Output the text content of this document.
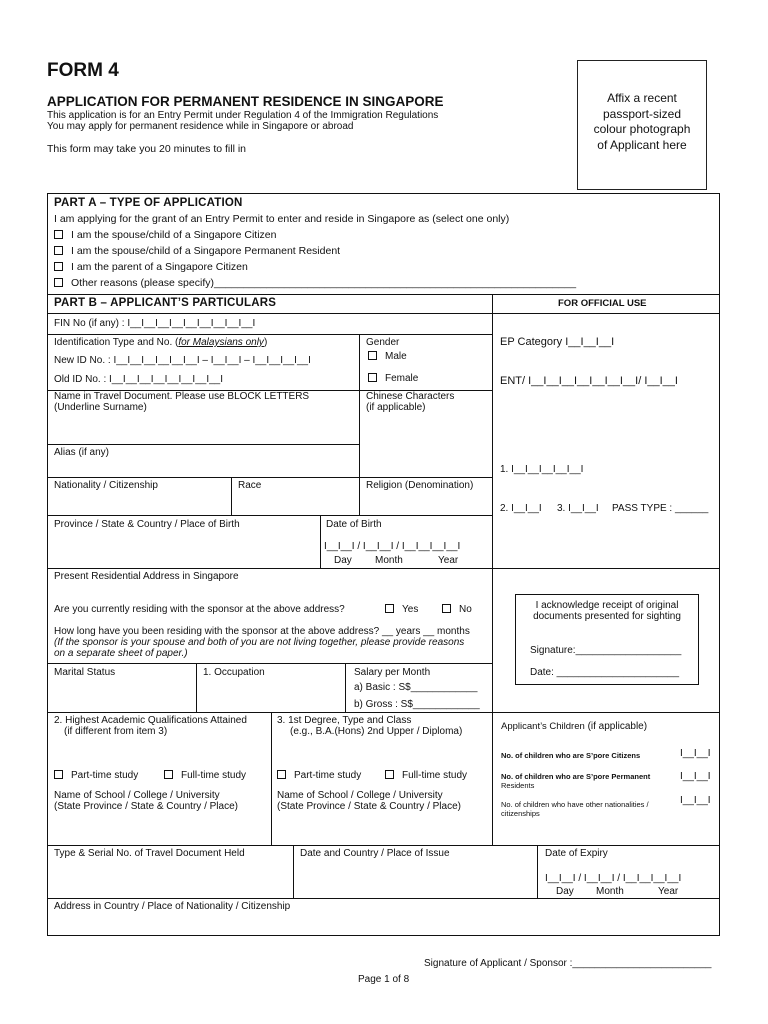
FORM 4
APPLICATION FOR PERMANENT RESIDENCE IN SINGAPORE
This application is for an Entry Permit under Regulation 4 of the Immigration Regulations
You may apply for permanent residence while in Singapore or abroad
This form may take you 20 minutes to fill in
Affix a recent
passport-sized
colour photograph
of Applicant here
PART A – TYPE OF APPLICATION
I am applying for the grant of an Entry Permit to enter and reside in Singapore as (select one only)
I am the spouse/child of a Singapore Citizen
I am the spouse/child of a Singapore Permanent Resident
I am the parent of a Singapore Citizen
Other reasons (please specify)______________________________________________________________
PART B – APPLICANT’S PARTICULARS	FOR OFFICIAL USE
FIN No (if any) : I__I__I__I__I__I__I__I__I__I
Identification Type and No. (for Malaysians only)
New ID No. : I__I__I__I__I__I__I – I__I__I – I__I__I__I__I
Old ID No. : I__I__I__I__I__I__I__I__I
Gender
Male
Female
Name in Travel Document. Please use BLOCK LETTERS
(Underline Surname)
Chinese Characters
(if applicable)
Alias (if any)
Nationality / Citizenship	Race	Religion (Denomination)
Province / State & Country / Place of Birth	Date of Birth
I__I__I / I__I__I / I__I__I__I__I
Day Month	Year
Present Residential Address in Singapore
Are you currently residing with the sponsor at the above address?	Yes	No
How long have you been residing with the sponsor at the above address? __ years __ months
(If the sponsor is your spouse and both of you are not living together, please provide reasons
on a separate sheet of paper.)
Marital Status	1. Occupation	Salary per Month
a) Basic : S$____________
b) Gross : S$____________
2. Highest Academic Qualifications Attained
(if different from item 3)
3. 1st Degree, Type and Class
(e.g., B.A.(Hons) 2nd Upper / Diploma)
Part-time study	Full-time study	Part-time study	Full-time study
Name of School / College / University
(State Province / State & Country / Place)
Name of School / College / University
(State Province / State & Country / Place)
Applicant’s Children (if applicable)
No. of children who are S’pore Citizens	I__I__I
No. of children who are S’pore Permanent
Residents
I__I__I
No. of children who have other nationalities /
citizenships
I__I__I
Type & Serial No. of Travel Document Held	Date and Country / Place of Issue	Date of Expiry
I__I__I / I__I__I / I__I__I__I__I
Day Month	Year
Address in Country / Place of Nationality / Citizenship
EP Category I__I__I__I
ENT/ I__I__I__I__I__I__I__I/ I__I__I
1. I__I__I__I__I__I
2. I__I__I 3. I__I__I PASS TYPE : ______
I acknowledge receipt of original
documents presented for sighting
Signature:___________________
Date: ______________________
Signature of Applicant / Sponsor :_________________________
Page 1 of 8
